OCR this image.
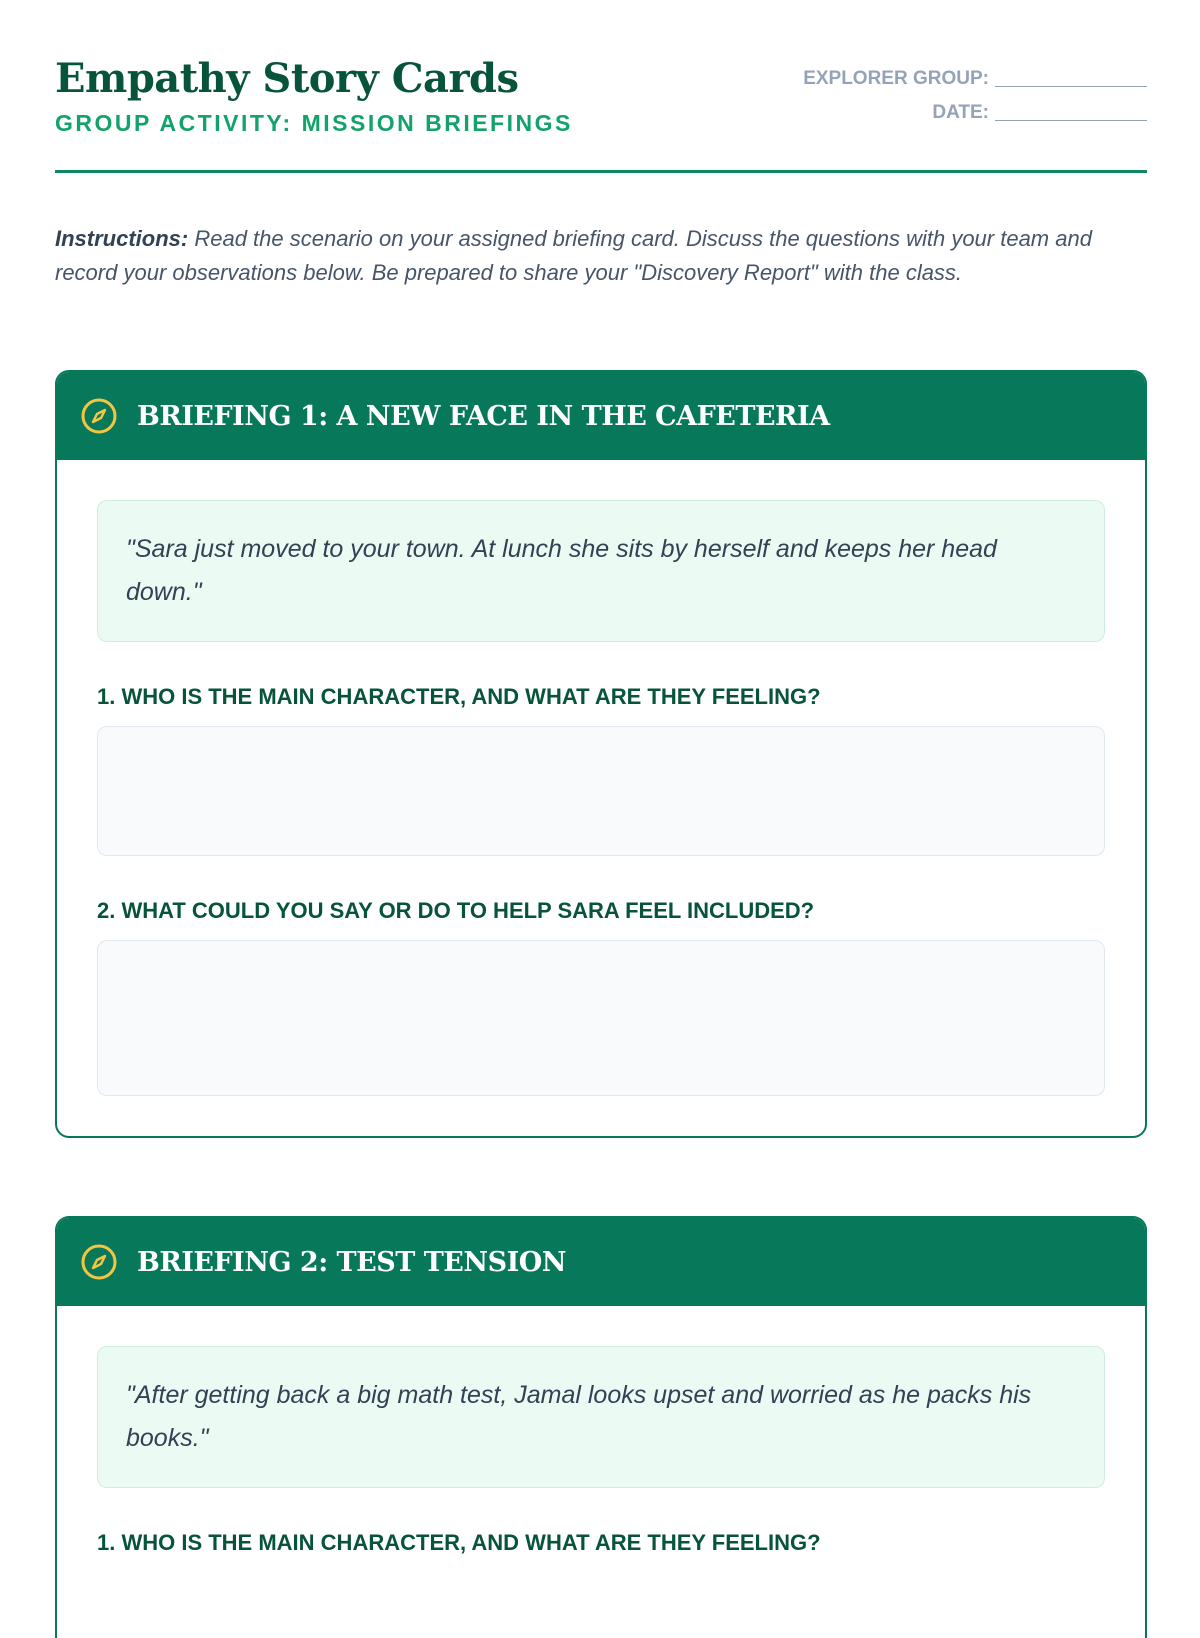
Empathy Story Cards
GROUP ACTIVITY: MISSION BRIEFINGS
EXPLORER GROUP:
DATE:
Instructions: Read the scenario on your assigned briefing card. Discuss the questions with your team and record your observations below. Be prepared to share your "Discovery Report" with the class.
BRIEFING 1: A NEW FACE IN THE CAFETERIA
"Sara just moved to your town. At lunch she sits by herself and keeps her head down."
1. WHO IS THE MAIN CHARACTER, AND WHAT ARE THEY FEELING?
2. WHAT COULD YOU SAY OR DO TO HELP SARA FEEL INCLUDED?
BRIEFING 2: TEST TENSION
"After getting back a big math test, Jamal looks upset and worried as he packs his books."
1. WHO IS THE MAIN CHARACTER, AND WHAT ARE THEY FEELING?
